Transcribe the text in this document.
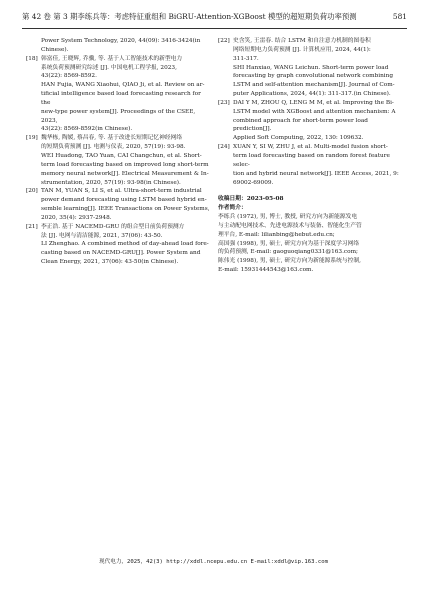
第 42 卷 第 3 期李练兵等：考虑特征重组和 BiGRU-Attention-XGBoost 模型的超短期负荷功率预测	581

Power System Technology, 2020, 44(09): 3416-3424(in Chinese).

[18] 韩富佳, 王晓辉, 乔骥, 等. 基于人工智能技术的新型电力

系统负荷预测研究综述 [J]. 中国电机工程学报, 2023,

43(22): 8569-8592.

HAN Fujia, WANG Xiaohui, QIAO Ji, et al. Review on ar-

tificial intelligence based load forecasting research for the

new-type power system[J]. Proceedings of the CSEE, 2023,

43(22): 8569-8592(in Chinese).

[19] 魏华栋, 陶媛, 蔡昌春, 等. 基于改进长短期记忆神经网络

的短期负荷预测 [J]. 电测与仪表, 2020, 57(19): 93-98.

WEI Huadong, TAO Yuan, CAI Changchun, et al. Short-

term load forecasting based on improved long short-term

memory neural network[J]. Electrical Measurement & In-

strumentation, 2020, 57(19): 93-98(in Chinese).

[20] TAN M, YUAN S, LI S, et al. Ultra-short-term industrial

power demand forecasting using LSTM based hybrid en-

semble learning[J]. IEEE Transactions on Power Systems,

2020, 35(4): 2937-2948.

[21] 李正浩. 基于 NACEMD-GRU 的组合型日前负荷预测方

法 [J]. 电网与清洁能源, 2021, 37(06): 43-50.

LI Zhenghao. A combined method of day-ahead load fore-

casting based on NACEMD-GRU[J]. Power System and

Clean Energy, 2021, 37(06): 43-50(in Chinese).

[22] 史含笑, 王雷春. 结合 LSTM 和自注意力机制的图卷积

网络短期电力负荷预测 [J]. 计算机应用, 2024, 44(1):

311-317.

SHI Hanxiao, WANG Leichun. Short-term power load

forecasting by graph convolutional network combining

LSTM and self-attention mechanism[J]. Journal of Com-

puter Applications, 2024, 44(1): 311-317.(in Chinese).

[23] DAI Y M, ZHOU Q, LENG M M, et al. Improving the Bi-

LSTM model with XGBoost and attention mechanism: A

combined approach for short-term power load prediction[J].

Applied Soft Computing, 2022, 130: 109632.

[24] XUAN Y, SI W, ZHU J, et al. Multi-model fusion short-

term load forecasting based on random forest feature selec-

tion and hybrid neural network[J]. IEEE Access, 2021, 9:

69002-69009.

收稿日期：2023-05-08

作者简介：

李练兵 (1972), 男, 博士, 教授, 研究方向为新能源发电

与主动配电网技术、先进电源技术与装备、智能化生产管

理平台, E-mail: lilianbing@hebut.edu.cn;

高国强 (1998), 男, 硕士, 研究方向为基于深度学习网络

的负荷预测, E-mail: gaoguoqiang0331@163.com;

陈伟光 (1998), 男, 硕士, 研究方向为新能源系统与控制,

E-mail: 15931444543@163.com.

现代电力，2025，42(3) http://xddl.ncepu.edu.cn E-mail:xddl@vip.163.com
